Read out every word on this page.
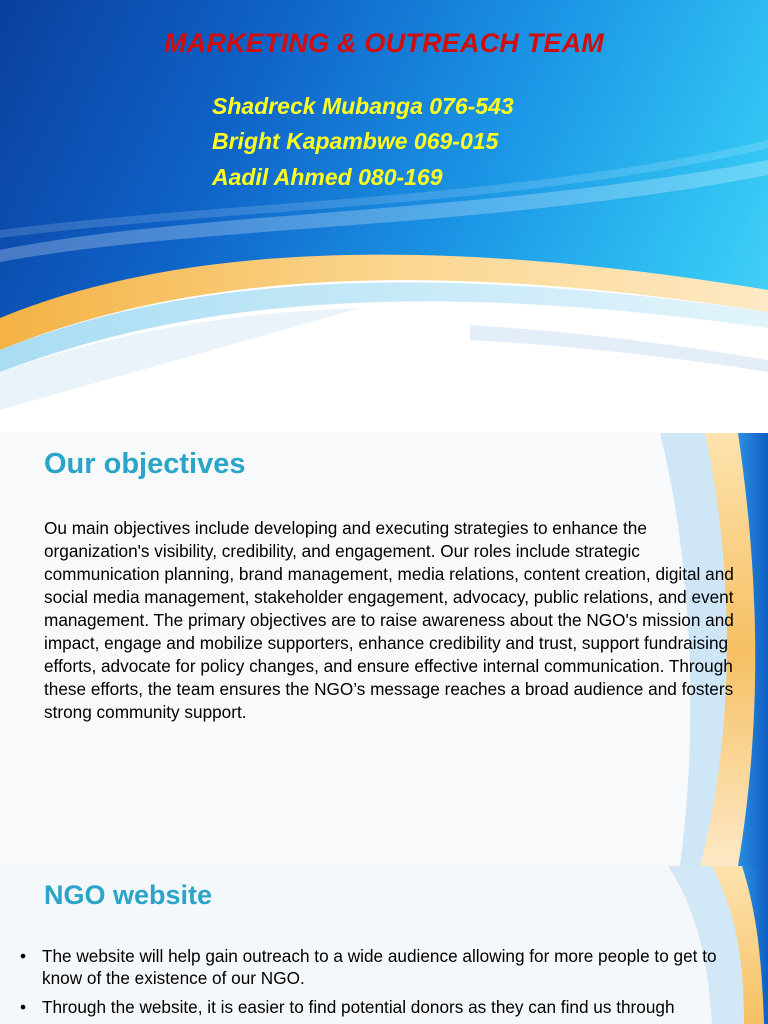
MARKETING & OUTREACH TEAM
Shadreck Mubanga 076-543
Bright Kapambwe 069-015
Aadil Ahmed 080-169
Our objectives
Ou main objectives include developing and executing strategies to enhance the organization's visibility, credibility, and engagement. Our roles include strategic communication planning, brand management, media relations, content creation, digital and social media management, stakeholder engagement, advocacy, public relations, and event management. The primary objectives are to raise awareness about the NGO's mission and impact, engage and mobilize supporters, enhance credibility and trust, support fundraising efforts, advocate for policy changes, and ensure effective internal communication. Through these efforts, the team ensures the NGO’s message reaches a broad audience and fosters strong community support.
NGO website
• The website will help gain outreach to a wide audience allowing for more people to get to know of the existence of our NGO.
• Through the website, it is easier to find potential donors as they can find us through
